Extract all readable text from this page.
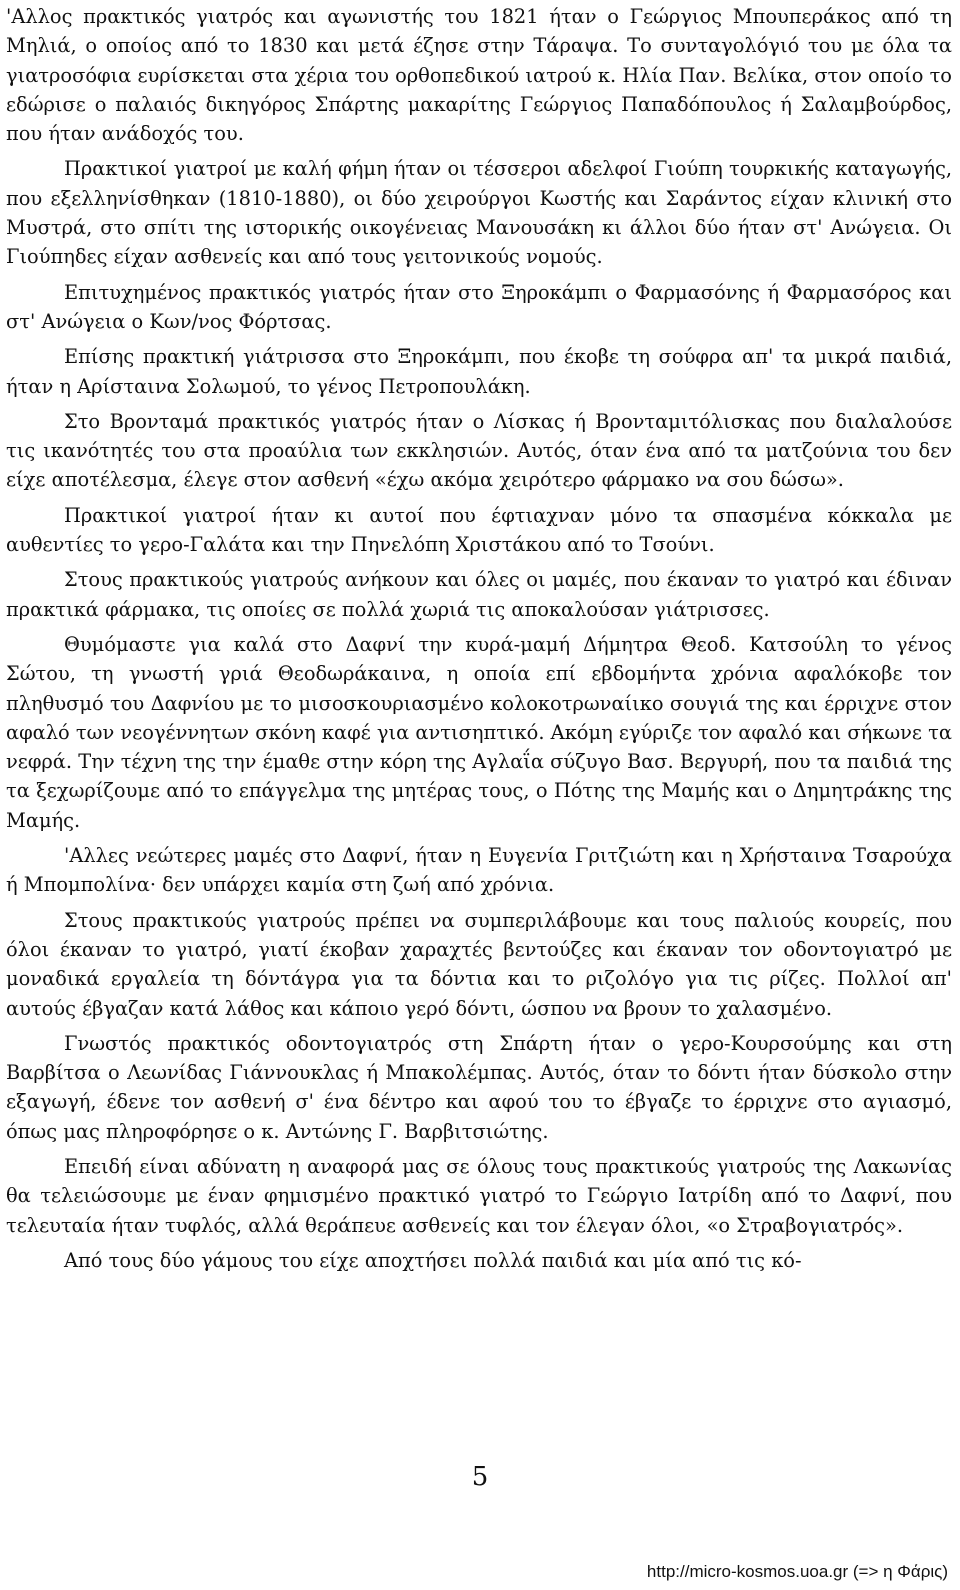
'Αλλος πρακτικός γιατρός και αγωνιστής του 1821 ήταν ο Γεώργιος Μπουπεράκος από τη Μηλιά, ο οποίος από το 1830 και μετά έζησε στην Τάραψα. Το συνταγολόγιό του με όλα τα γιατροσόφια ευρίσκεται στα χέρια του ορθοπεδικού ιατρού κ. Ηλία Παν. Βελίκα, στον οποίο το εδώρισε ο παλαιός δικηγόρος Σπάρτης μακαρίτης Γεώργιος Παπαδόπουλος ή Σαλαμβούρδος, που ήταν ανάδοχός του.

Πρακτικοί γιατροί με καλή φήμη ήταν οι τέσσεροι αδελφοί Γιούπη τουρκικής καταγωγής, που εξελληνίσθηκαν (1810-1880), οι δύο χειρούργοι Κωστής και Σαράντος είχαν κλινική στο Μυστρά, στο σπίτι της ιστορικής οικογένειας Μανουσάκη κι άλλοι δύο ήταν στ' Ανώγεια. Οι Γιούπηδες είχαν ασθενείς και από τους γειτονικούς νομούς.

Επιτυχημένος πρακτικός γιατρός ήταν στο Ξηροκάμπι ο Φαρμασόνης ή Φαρμασόρος και στ' Ανώγεια ο Κων/νος Φόρτσας.

Επίσης πρακτική γιάτρισσα στο Ξηροκάμπι, που έκοβε τη σούφρα απ' τα μικρά παιδιά, ήταν η Αρίσταινα Σολωμού, το γένος Πετροπουλάκη.

Στο Βρονταμά πρακτικός γιατρός ήταν ο Λίσκας ή Βρονταμιτόλισκας που διαλαλούσε τις ικανότητές του στα προαύλια των εκκλησιών. Αυτός, όταν ένα από τα ματζούνια του δεν είχε αποτέλεσμα, έλεγε στον ασθενή «έχω ακόμα χειρότερο φάρμακο να σου δώσω».

Πρακτικοί γιατροί ήταν κι αυτοί που έφτιαχναν μόνο τα σπασμένα κόκκαλα με αυθεντίες το γερο-Γαλάτα και την Πηνελόπη Χριστάκου από το Τσούνι.

Στους πρακτικούς γιατρούς ανήκουν και όλες οι μαμές, που έκαναν το γιατρό και έδιναν πρακτικά φάρμακα, τις οποίες σε πολλά χωριά τις αποκαλούσαν γιάτρισσες.

Θυμόμαστε για καλά στο Δαφνί την κυρά-μαμή Δήμητρα Θεοδ. Κατσούλη το γένος Σώτου, τη γνωστή γριά Θεοδωράκαινα, η οποία επί εβδομήντα χρόνια αφαλόκοβε τον πληθυσμό του Δαφνίου με το μισοσκουριασμένο κολοκοτρωναίικο σουγιά της και έρριχνε στον αφαλό των νεογέννητων σκόνη καφέ για αντισηπτικό. Ακόμη εγύριζε τον αφαλό και σήκωνε τα νεφρά. Την τέχνη της την έμαθε στην κόρη της Αγλαΐα σύζυγο Βασ. Βεργυρή, που τα παιδιά της τα ξεχωρίζουμε από το επάγγελμα της μητέρας τους, ο Πότης της Μαμής και ο Δημητράκης της Μαμής.

'Αλλες νεώτερες μαμές στο Δαφνί, ήταν η Ευγενία Γριτζιώτη και η Χρήσταινα Τσαρούχα ή Μπομπολίνα· δεν υπάρχει καμία στη ζωή από χρόνια.

Στους πρακτικούς γιατρούς πρέπει να συμπεριλάβουμε και τους παλιούς κουρείς, που όλοι έκαναν το γιατρό, γιατί έκοβαν χαραχτές βεντούζες και έκαναν τον οδοντογιατρό με μοναδικά εργαλεία τη δόντάγρα για τα δόντια και το ριζολόγο για τις ρίζες. Πολλοί απ' αυτούς έβγαζαν κατά λάθος και κάποιο γερό δόντι, ώσπου να βρουν το χαλασμένο.

Γνωστός πρακτικός οδοντογιατρός στη Σπάρτη ήταν ο γερο-Κουρσούμης και στη Βαρβίτσα ο Λεωνίδας Γιάννουκλας ή Μπακολέμπας. Αυτός, όταν το δόντι ήταν δύσκολο στην εξαγωγή, έδενε τον ασθενή σ' ένα δέντρο και αφού του το έβγαζε το έρριχνε στο αγιασμό, όπως μας πληροφόρησε ο κ. Αντώνης Γ. Βαρβιτσιώτης.

Επειδή είναι αδύνατη η αναφορά μας σε όλους τους πρακτικούς γιατρούς της Λακωνίας θα τελειώσουμε με έναν φημισμένο πρακτικό γιατρό το Γεώργιο Ιατρίδη από το Δαφνί, που τελευταία ήταν τυφλός, αλλά θεράπευε ασθενείς και τον έλεγαν όλοι, «ο Στραβογιατρός».

Από τους δύο γάμους του είχε αποχτήσει πολλά παιδιά και μία από τις κό-

5
http://micro-kosmos.uoa.gr (=> η Φάρις)
